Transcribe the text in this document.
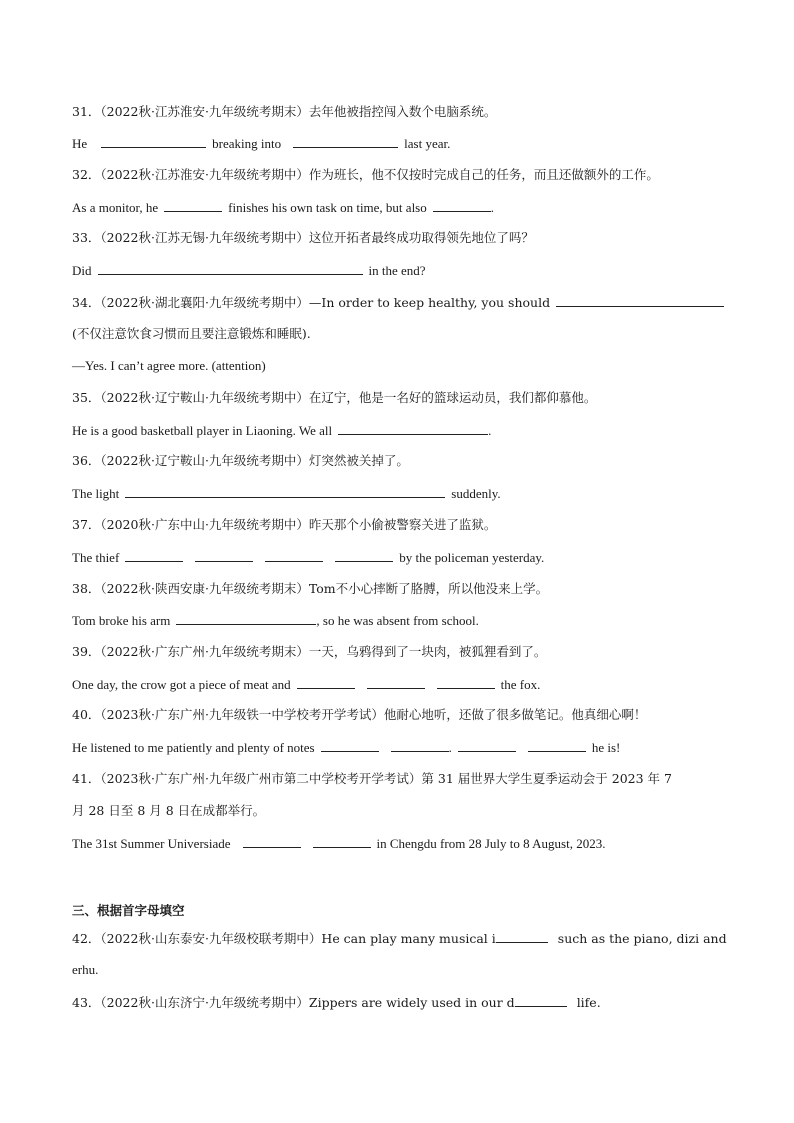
31．（2022秋·江苏淮安·九年级统考期末）去年他被指控闯入数个电脑系统。
He	breaking into	last year.
32．（2022秋·江苏淮安·九年级统考期中）作为班长，他不仅按时完成自己的任务，而且还做额外的工作。
As a monitor, he	finishes his own task on time, but also	.
33．（2022秋·江苏无锡·九年级统考期中）这位开拓者最终成功取得领先地位了吗？
Did	in the end?
34．（2022秋·湖北襄阳·九年级统考期中）—In order to keep healthy, you should
(不仅注意饮食习惯而且要注意锻炼和睡眠).
—Yes. I can’t agree more. (attention)
35．（2022秋·辽宁鞍山·九年级统考期中）在辽宁，他是一名好的篮球运动员，我们都仰慕他。
He is a good basketball player in Liaoning. We all	.
36．（2022秋·辽宁鞍山·九年级统考期中）灯突然被关掉了。
The light	suddenly.
37．（2020秋·广东中山·九年级统考期中）昨天那个小偷被警察关进了监狱。
The thief	by the policeman yesterday.
38．（2022秋·陕西安康·九年级统考期末）Tom不小心摔断了胳膊，所以他没来上学。
Tom broke his arm	, so he was absent from school.
39．（2022秋·广东广州·九年级统考期末）一天，乌鸦得到了一块肉，被狐狸看到了。
One day, the crow got a piece of meat and	the fox.
40．（2023秋·广东广州·九年级铁一中学校考开学考试）他耐心地听，还做了很多做笔记。他真细心啊！
He listened to me patiently and plenty of notes	.	he is!
41．（2023秋·广东广州·九年级广州市第二中学校考开学考试）第 31 届世界大学生夏季运动会于 2023 年 7
月 28 日至 8 月 8 日在成都举行。
The 31st Summer Universiade	in Chengdu from 28 July to 8 August, 2023.
三、根据首字母填空
42．（2022秋·山东泰安·九年级校联考期中）He can play many musical i	such as the piano, dizi and
erhu.
43．（2022秋·山东济宁·九年级统考期中）Zippers are widely used in our d	life.
